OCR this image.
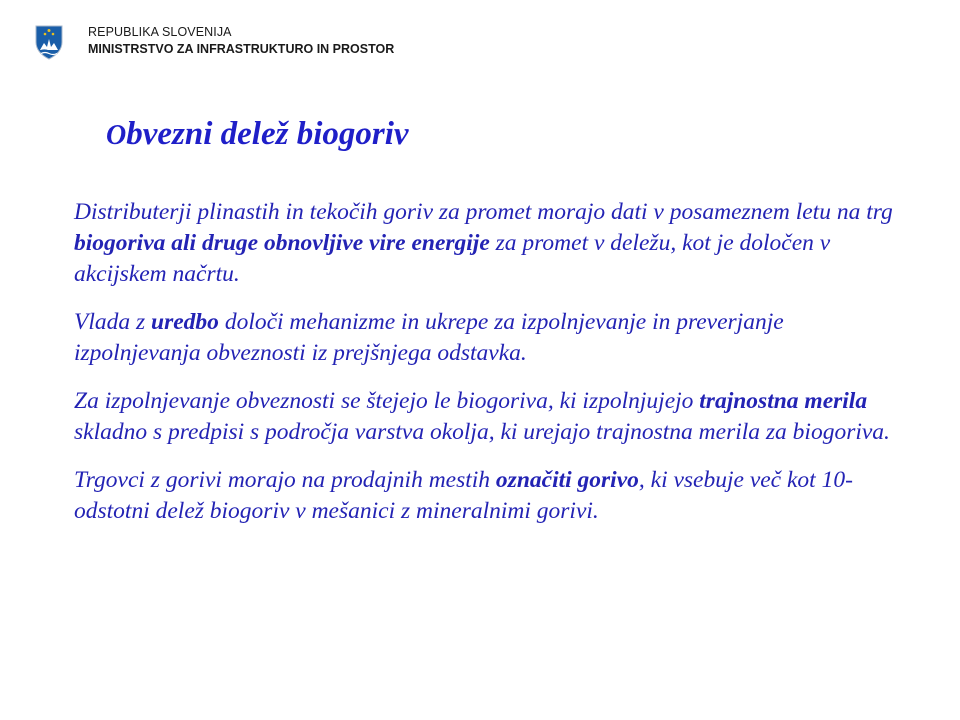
REPUBLIKA SLOVENIJA
MINISTRSTVO ZA INFRASTRUKTURO IN PROSTOR
Obvezni delež biogoriv

Distributerji plinastih in tekočih goriv za promet morajo dati v posameznem letu na trg biogoriva ali druge obnovljive vire energije za promet v deležu, kot je določen v akcijskem načrtu.

Vlada z uredbo določi mehanizme in ukrepe za izpolnjevanje in preverjanje izpolnjevanja obveznosti iz prejšnjega odstavka.

Za izpolnjevanje obveznosti se štejejo le biogoriva, ki izpolnjujejo trajnostna merila skladno s predpisi s področja varstva okolja, ki urejajo trajnostna merila za biogoriva.

Trgovci z gorivi morajo na prodajnih mestih označiti gorivo, ki vsebuje več kot 10-odstotni delež biogoriv v mešanici z mineralnimi gorivi.
